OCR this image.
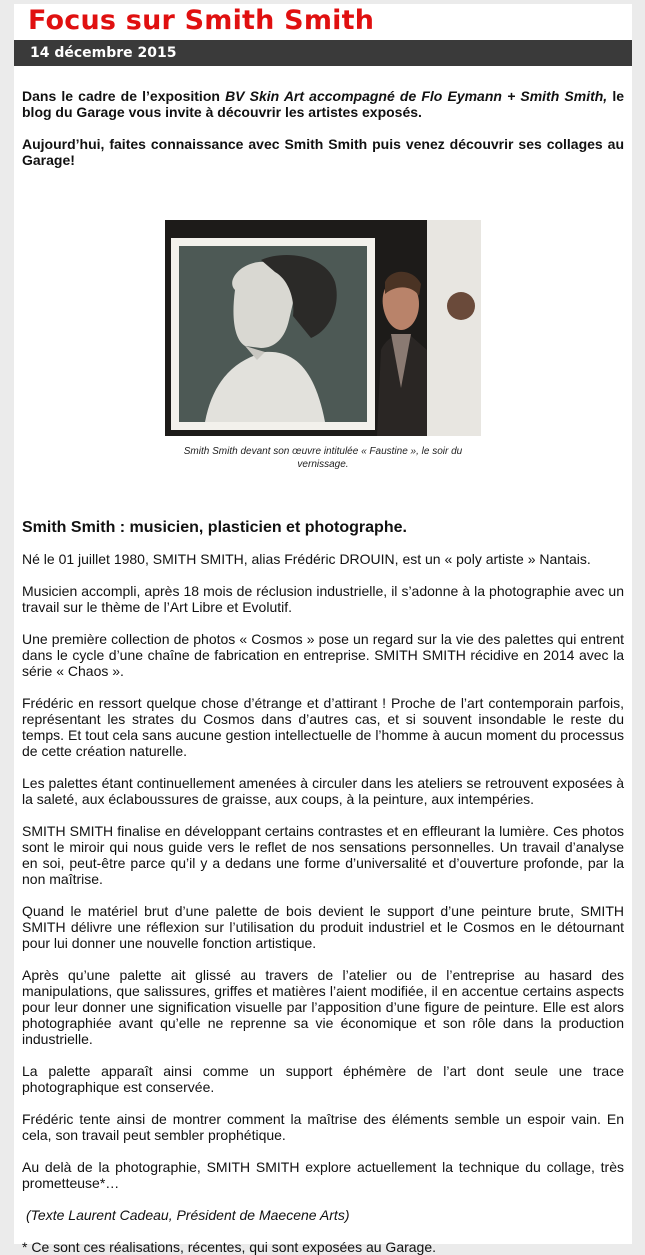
Focus sur Smith Smith
14 décembre 2015

Dans le cadre de l’exposition BV Skin Art accompagné de Flo Eymann + Smith Smith, le blog du Garage vous invite à découvrir les artistes exposés.

Aujourd’hui, faites connaissance avec Smith Smith puis venez découvrir ses collages au Garage!

Smith Smith devant son œuvre intitulée « Faustine », le soir du vernissage.
Smith Smith : musicien, plasticien et photographe.

Né le 01 juillet 1980, SMITH SMITH, alias Frédéric DROUIN, est un « poly artiste » Nantais.

Musicien accompli, après 18 mois de réclusion industrielle, il s’adonne à la photographie avec un travail sur le thème de l’Art Libre et Evolutif.

Une première collection de photos « Cosmos » pose un regard sur la vie des palettes qui entrent dans le cycle d’une chaîne de fabrication en entreprise. SMITH SMITH récidive en 2014 avec la série « Chaos ».

Frédéric en ressort quelque chose d’étrange et d’attirant ! Proche de l’art contemporain parfois, représentant les strates du Cosmos dans d’autres cas, et si souvent insondable le reste du temps. Et tout cela sans aucune gestion intellectuelle de l’homme à aucun moment du processus de cette création naturelle.

Les palettes étant continuellement amenées à circuler dans les ateliers se retrouvent exposées à la saleté, aux éclaboussures de graisse, aux coups, à la peinture, aux intempéries.

SMITH SMITH finalise en développant certains contrastes et en effleurant la lumière. Ces photos sont le miroir qui nous guide vers le reflet de nos sensations personnelles. Un travail d’analyse en soi, peut-être parce qu’il y a dedans une forme d’universalité et d’ouverture profonde, par la non maîtrise.

Quand le matériel brut d’une palette de bois devient le support d’une peinture brute, SMITH SMITH délivre une réflexion sur l’utilisation du produit industriel et le Cosmos en le détournant pour lui donner une nouvelle fonction artistique.

Après qu’une palette ait glissé au travers de l’atelier ou de l’entreprise au hasard des manipulations, que salissures, griffes et matières l’aient modifiée, il en accentue certains aspects pour leur donner une signification visuelle par l’apposition d’une figure de peinture. Elle est alors photographiée avant qu’elle ne reprenne sa vie économique et son rôle dans la production industrielle.

La palette apparaît ainsi comme un support éphémère de l’art dont seule une trace photographique est conservée.

Frédéric tente ainsi de montrer comment la maîtrise des éléments semble un espoir vain. En cela, son travail peut sembler prophétique.

Au delà de la photographie, SMITH SMITH explore actuellement la technique du collage, très prometteuse*…

(Texte Laurent Cadeau, Président de Maecene Arts)

* Ce sont ces réalisations, récentes, qui sont exposées au Garage.
